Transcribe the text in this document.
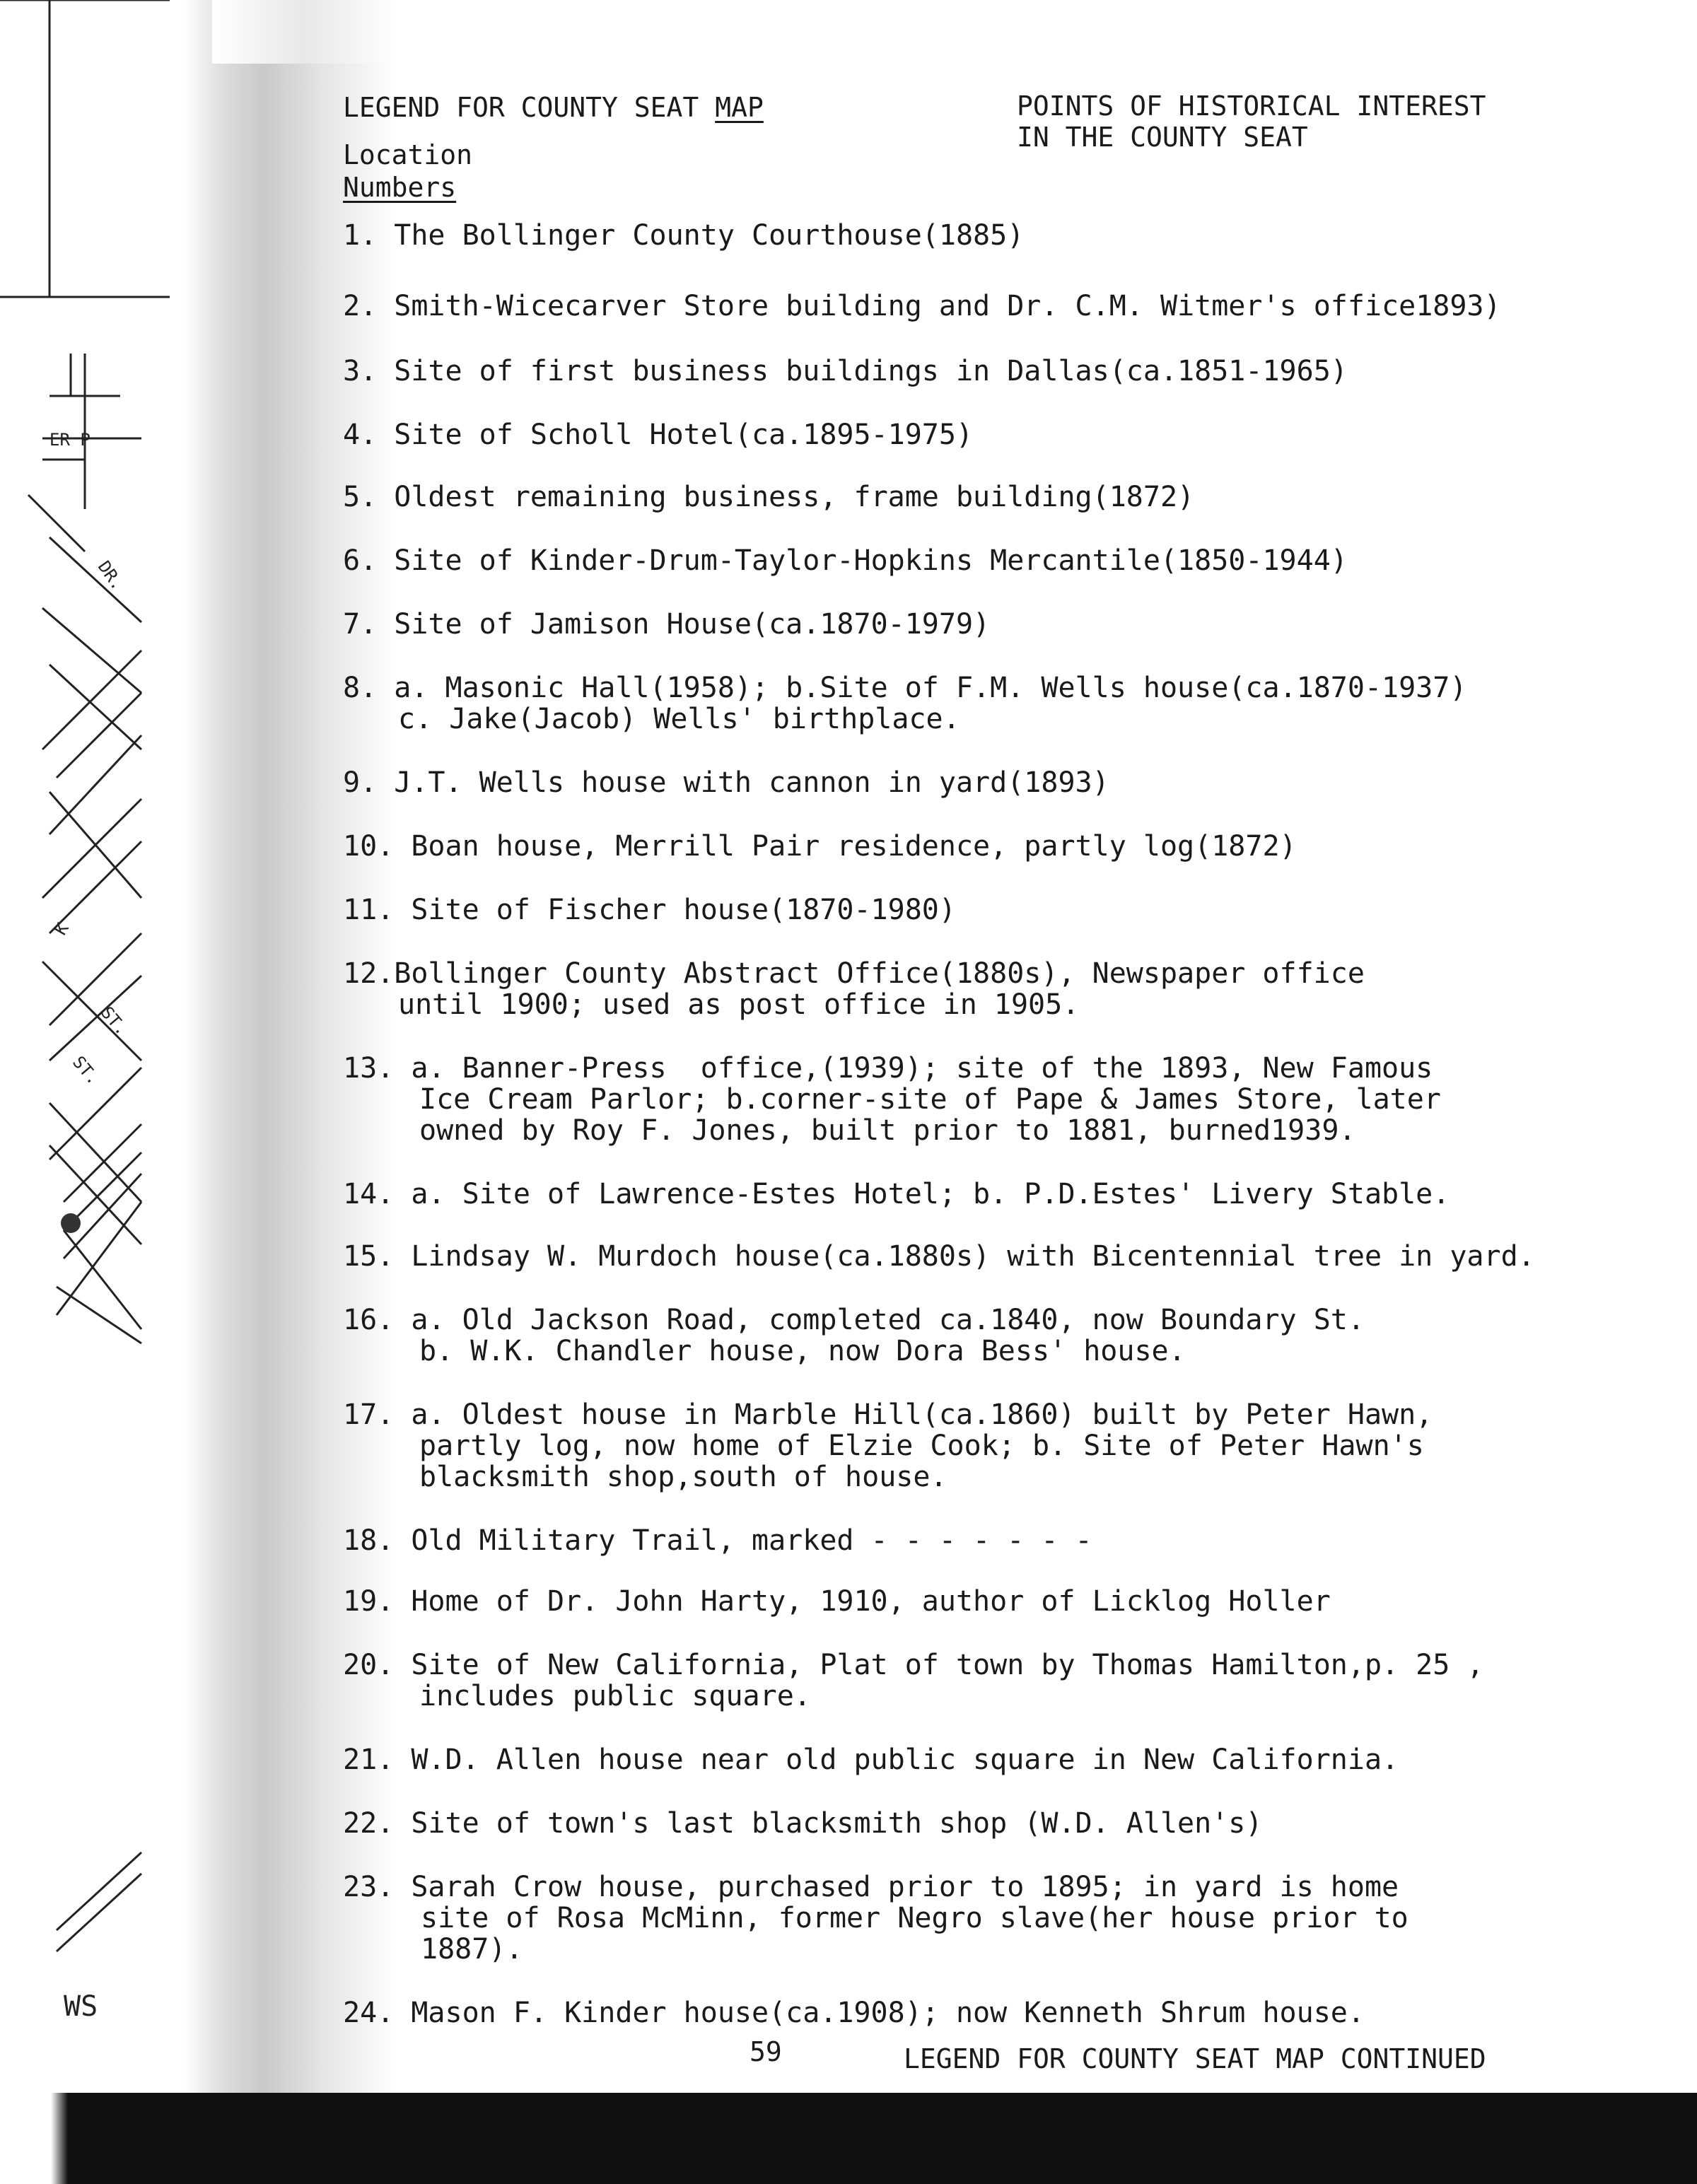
ER P
DR.
K
ST.
ST.
WS
LEGEND FOR COUNTY SEAT MAP	POINTS OF HISTORICAL INTEREST
IN THE COUNTY SEAT
Location
Numbers
1. The Bollinger County Courthouse(1885)
2. Smith-Wicecarver Store building and Dr. C.M. Witmer's office1893)
3. Site of first business buildings in Dallas(ca.1851-1965)
4. Site of Scholl Hotel(ca.1895-1975)
5. Oldest remaining business, frame building(1872)
6. Site of Kinder-Drum-Taylor-Hopkins Mercantile(1850-1944)
7. Site of Jamison House(ca.1870-1979)
8. a. Masonic Hall(1958); b.Site of F.M. Wells house(ca.1870-1937)
c. Jake(Jacob) Wells' birthplace.
9. J.T. Wells house with cannon in yard(1893)
10. Boan house, Merrill Pair residence, partly log(1872)
11. Site of Fischer house(1870-1980)
12.Bollinger County Abstract Office(1880s), Newspaper office
until 1900; used as post office in 1905.
13. a. Banner-Press  office,(1939); site of the 1893, New Famous
Ice Cream Parlor; b.corner-site of Pape & James Store, later
owned by Roy F. Jones, built prior to 1881, burned1939.
14. a. Site of Lawrence-Estes Hotel; b. P.D.Estes' Livery Stable.
15. Lindsay W. Murdoch house(ca.1880s) with Bicentennial tree in yard.
16. a. Old Jackson Road, completed ca.1840, now Boundary St.
b. W.K. Chandler house, now Dora Bess' house.
17. a. Oldest house in Marble Hill(ca.1860) built by Peter Hawn,
partly log, now home of Elzie Cook; b. Site of Peter Hawn's
blacksmith shop,south of house.
18. Old Military Trail, marked - - - - - - -
19. Home of Dr. John Harty, 1910, author of Licklog Holler
20. Site of New California, Plat of town by Thomas Hamilton,p. 25 ,
includes public square.
21. W.D. Allen house near old public square in New California.
22. Site of town's last blacksmith shop (W.D. Allen's)
23. Sarah Crow house, purchased prior to 1895; in yard is home
site of Rosa McMinn, former Negro slave(her house prior to
1887).
24. Mason F. Kinder house(ca.1908); now Kenneth Shrum house.
59	LEGEND FOR COUNTY SEAT MAP CONTINUED
